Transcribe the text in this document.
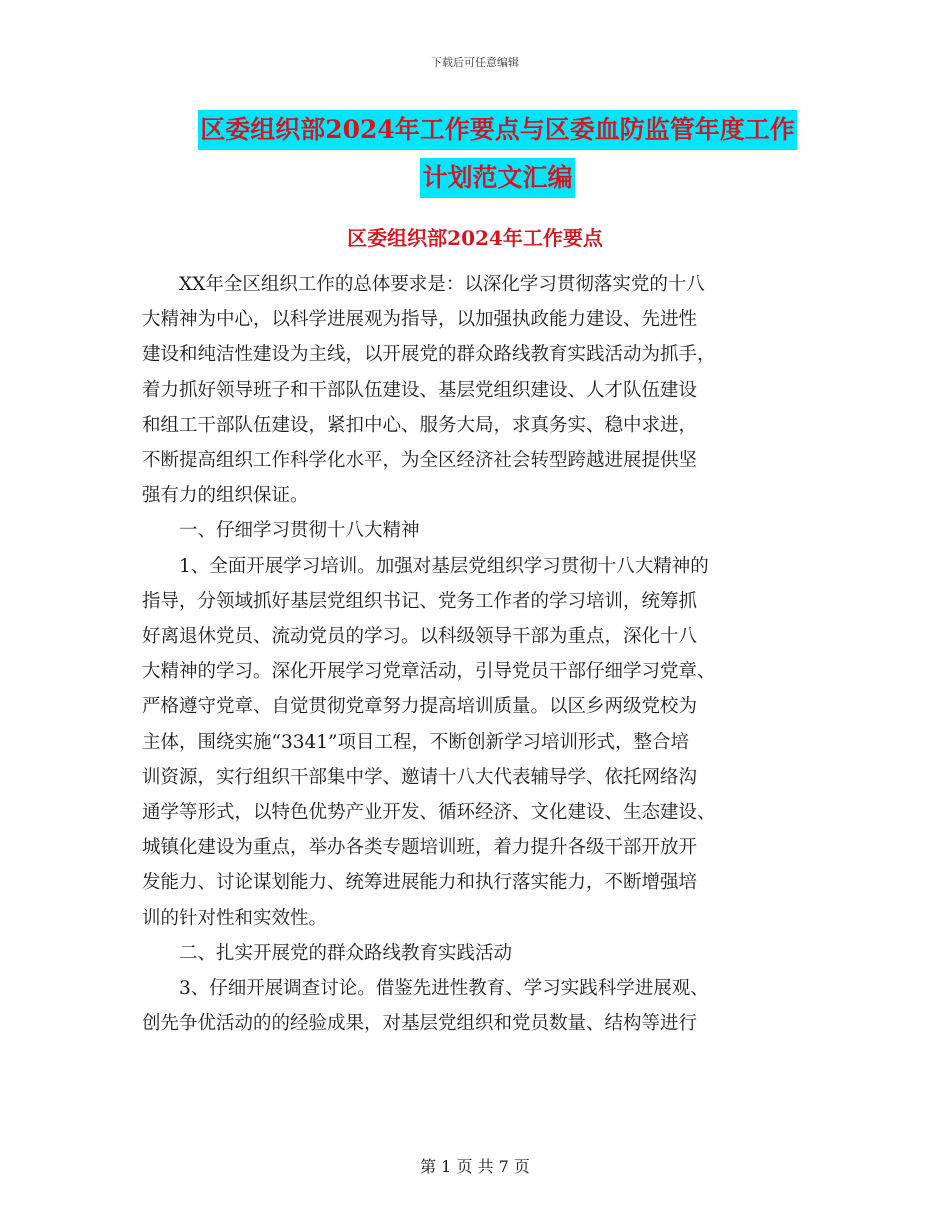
下载后可任意编辑
区委组织部2024年工作要点与区委血防监管年度工作
计划范文汇编
区委组织部2024年工作要点

XX年全区组织工作的总体要求是：以深化学习贯彻落实党的十八

大精神为中心，以科学进展观为指导，以加强执政能力建设、先进性

建设和纯洁性建设为主线，以开展党的群众路线教育实践活动为抓手，

着力抓好领导班子和干部队伍建设、基层党组织建设、人才队伍建设

和组工干部队伍建设，紧扣中心、服务大局，求真务实、稳中求进，

不断提高组织工作科学化水平，为全区经济社会转型跨越进展提供坚

强有力的组织保证。

一、仔细学习贯彻十八大精神

1、全面开展学习培训。加强对基层党组织学习贯彻十八大精神的

指导，分领域抓好基层党组织书记、党务工作者的学习培训，统筹抓

好离退休党员、流动党员的学习。以科级领导干部为重点，深化十八

大精神的学习。深化开展学习党章活动，引导党员干部仔细学习党章、

严格遵守党章、自觉贯彻党章努力提高培训质量。以区乡两级党校为

主体，围绕实施“3341”项目工程，不断创新学习培训形式，整合培

训资源，实行组织干部集中学、邀请十八大代表辅导学、依托网络沟

通学等形式，以特色优势产业开发、循环经济、文化建设、生态建设、

城镇化建设为重点，举办各类专题培训班，着力提升各级干部开放开

发能力、讨论谋划能力、统筹进展能力和执行落实能力，不断增强培

训的针对性和实效性。

二、扎实开展党的群众路线教育实践活动

3、仔细开展调查讨论。借鉴先进性教育、学习实践科学进展观、

创先争优活动的的经验成果，对基层党组织和党员数量、结构等进行

第 1 页 共 7 页
